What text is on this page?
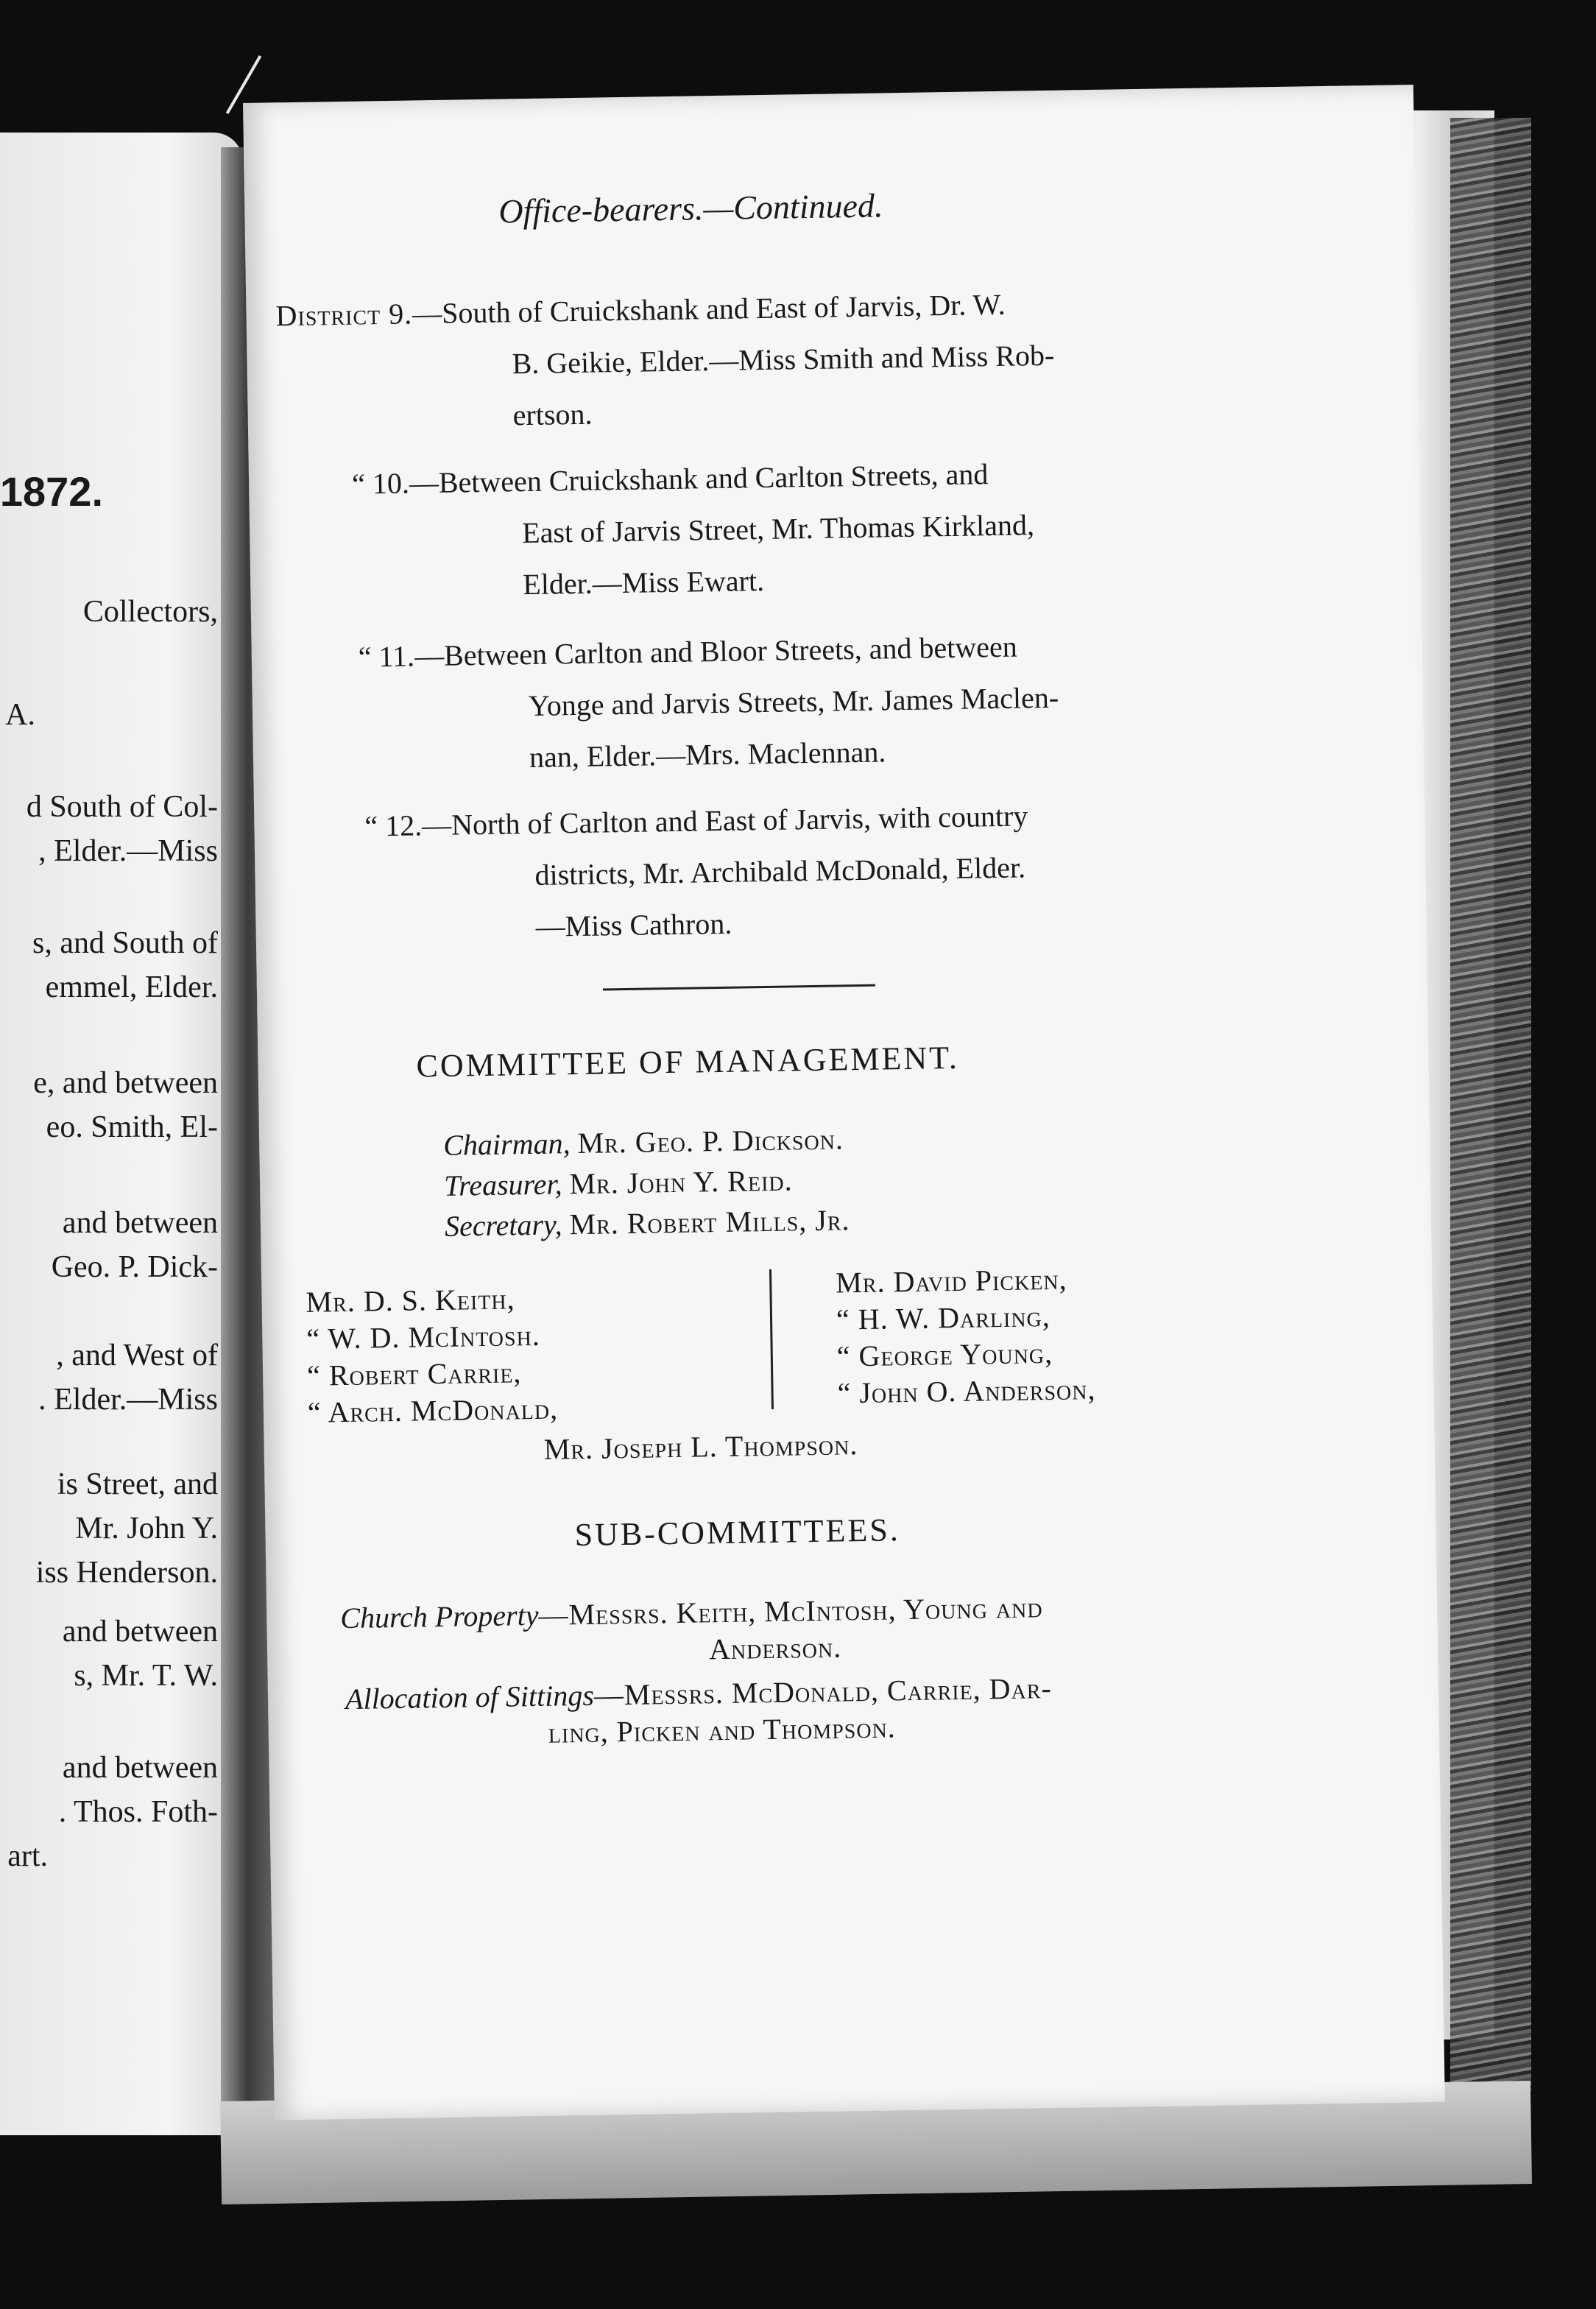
1872.
Collectors,
A.
d South of Col-
, Elder.—Miss
s, and South of
emmel, Elder.
e, and between
eo. Smith, El-
and between
Geo. P. Dick-
, and West of
. Elder.—Miss
is Street, and
Mr. John Y.
iss Henderson.
and between
s, Mr. T. W.
and between
. Thos. Foth-
art.
Office-bearers.—Continued.
District 9.—South of Cruickshank and East of Jarvis, Dr. W.
B. Geikie, Elder.—Miss Smith and Miss Rob-
ertson.
“ 10.—Between Cruickshank and Carlton Streets, and
East of Jarvis Street, Mr. Thomas Kirkland,
Elder.—Miss Ewart.
“ 11.—Between Carlton and Bloor Streets, and between
Yonge and Jarvis Streets, Mr. James Maclen-
nan, Elder.—Mrs. Maclennan.
“ 12.—North of Carlton and East of Jarvis, with country
districts, Mr. Archibald McDonald, Elder.
—Miss Cathron.
COMMITTEE OF MANAGEMENT.
Chairman, Mr. Geo. P. Dickson.
Treasurer, Mr. John Y. Reid.
Secretary, Mr. Robert Mills, Jr.
Mr. D. S. Keith,
“ W. D. McIntosh.
“ Robert Carrie,
“ Arch. McDonald,
Mr. David Picken,
“ H. W. Darling,
“ George Young,
“ John O. Anderson,
Mr. Joseph L. Thompson.
SUB-COMMITTEES.
Church Property—Messrs. Keith, McIntosh, Young and
Anderson.
Allocation of Sittings—Messrs. McDonald, Carrie, Dar-
ling, Picken and Thompson.
